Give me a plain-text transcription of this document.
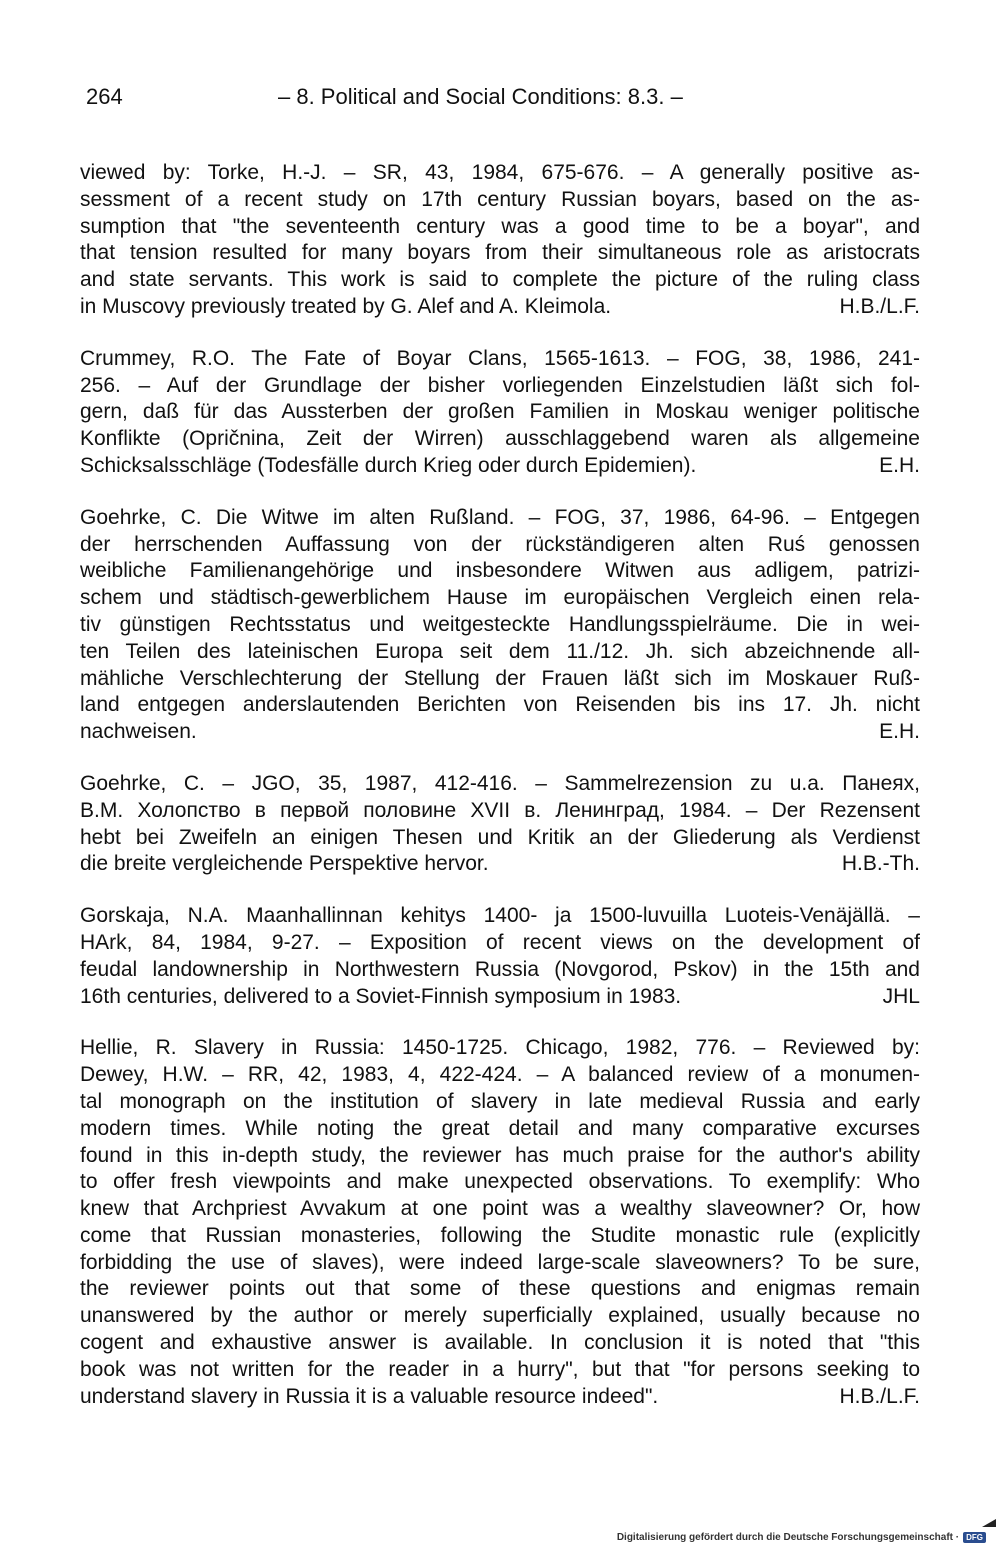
264	– 8. Political and Social Conditions: 8.3. –
viewed by: Torke, H.-J. – SR, 43, 1984, 675-676. – A generally positive as-
sessment of a recent study on 17th century Russian boyars, based on the as-
sumption that "the seventeenth century was a good time to be a boyar", and
that tension resulted for many boyars from their simultaneous role as aristocrats
and state servants. This work is said to complete the picture of the ruling class
in Muscovy previously treated by G. Alef and A. Kleimola.	H.B./L.F.
Crummey, R.O. The Fate of Boyar Clans, 1565-1613. – FOG, 38, 1986, 241-
256. – Auf der Grundlage der bisher vorliegenden Einzelstudien läßt sich fol-
gern, daß für das Aussterben der großen Familien in Moskau weniger politische
Konflikte (Opričnina, Zeit der Wirren) ausschlaggebend waren als allgemeine
Schicksalsschläge (Todesfälle durch Krieg oder durch Epidemien).	E.H.
Goehrke, C. Die Witwe im alten Rußland. – FOG, 37, 1986, 64-96. – Entgegen
der herrschenden Auffassung von der rückständigeren alten Ruś genossen
weibliche Familienangehörige und insbesondere Witwen aus adligem, patrizi-
schem und städtisch-gewerblichem Hause im europäischen Vergleich einen rela-
tiv günstigen Rechtsstatus und weitgesteckte Handlungsspielräume. Die in wei-
ten Teilen des lateinischen Europa seit dem 11./12. Jh. sich abzeichnende all-
mähliche Verschlechterung der Stellung der Frauen läßt sich im Moskauer Ruß-
land entgegen anderslautenden Berichten von Reisenden bis ins 17. Jh. nicht
nachweisen.	E.H.
Goehrke, C. – JGO, 35, 1987, 412-416. – Sammelrezension zu u.a. Панеях,
В.М. Холопство в первой половине XVII в. Ленинград, 1984. – Der Rezensent
hebt bei Zweifeln an einigen Thesen und Kritik an der Gliederung als Verdienst
die breite vergleichende Perspektive hervor.	H.B.-Th.
Gorskaja, N.A. Maanhallinnan kehitys 1400- ja 1500-luvuilla Luoteis-Venäjällä. –
HArk, 84, 1984, 9-27. – Exposition of recent views on the development of
feudal landownership in Northwestern Russia (Novgorod, Pskov) in the 15th and
16th centuries, delivered to a Soviet-Finnish symposium in 1983.	JHL
Hellie, R. Slavery in Russia: 1450-1725. Chicago, 1982, 776. – Reviewed by:
Dewey, H.W. – RR, 42, 1983, 4, 422-424. – A balanced review of a monumen-
tal monograph on the institution of slavery in late medieval Russia and early
modern times. While noting the great detail and many comparative excurses
found in this in-depth study, the reviewer has much praise for the author's ability
to offer fresh viewpoints and make unexpected observations. To exemplify: Who
knew that Archpriest Avvakum at one point was a wealthy slaveowner? Or, how
come that Russian monasteries, following the Studite monastic rule (explicitly
forbidding the use of slaves), were indeed large-scale slaveowners? To be sure,
the reviewer points out that some of these questions and enigmas remain
unanswered by the author or merely superficially explained, usually because no
cogent and exhaustive answer is available. In conclusion it is noted that "this
book was not written for the reader in a hurry", but that "for persons seeking to
understand slavery in Russia it is a valuable resource indeed".	H.B./L.F.
Digitalisierung gefördert durch die Deutsche Forschungsgemeinschaft · DFG
